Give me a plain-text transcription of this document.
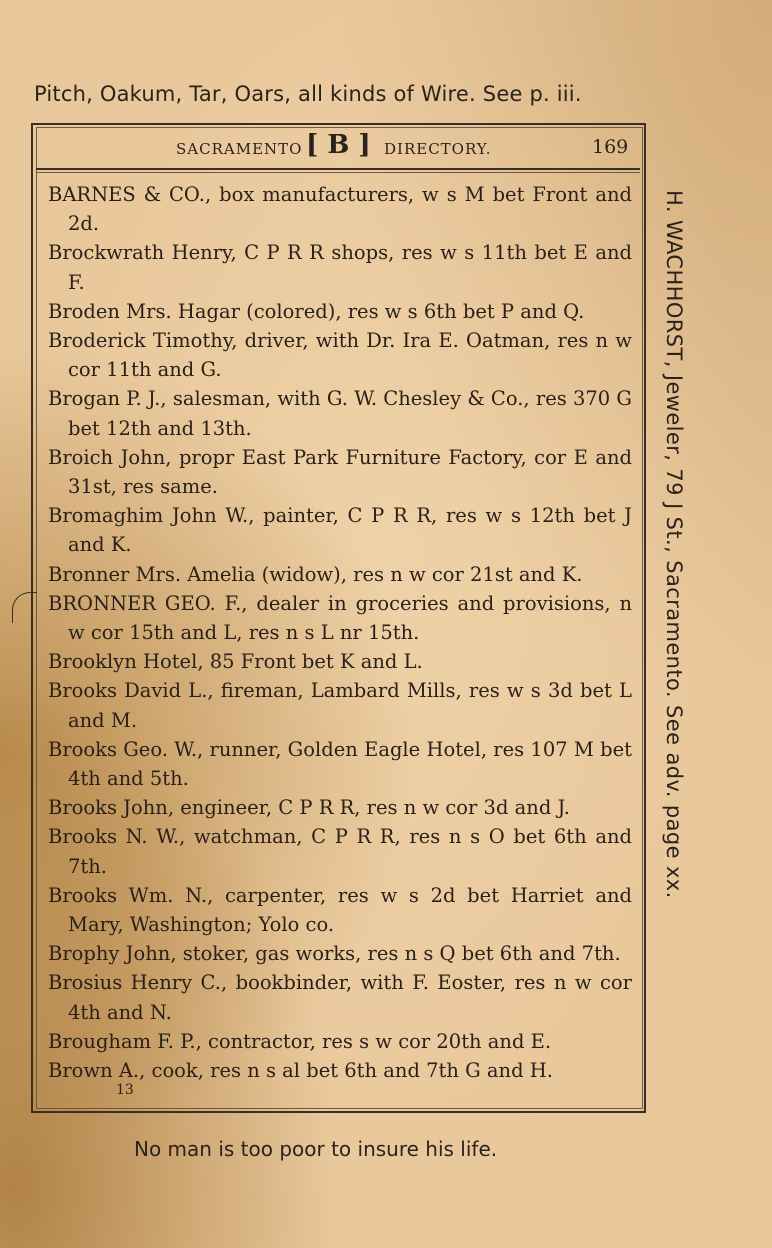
Pitch, Oakum, Tar, Oars, all kinds of Wire. See p. iii.
SACRAMENTO [ B ] DIRECTORY.	169
BARNES & CO., box manufacturers, w s M bet Front and 2d.
Brockwrath Henry, C P R R shops, res w s 11th bet E and F.
Broden Mrs. Hagar (colored), res w s 6th bet P and Q.
Broderick Timothy, driver, with Dr. Ira E. Oatman, res n w cor 11th and G.
Brogan P. J., salesman, with G. W. Chesley & Co., res 370 G bet 12th and 13th.
Broich John, propr East Park Furniture Factory, cor E and 31st, res same.
Bromaghim John W., painter, C P R R, res w s 12th bet J and K.
Bronner Mrs. Amelia (widow), res n w cor 21st and K.
BRONNER GEO. F., dealer in groceries and provisions, n w cor 15th and L, res n s L nr 15th.
Brooklyn Hotel, 85 Front bet K and L.
Brooks David L., fireman, Lambard Mills, res w s 3d bet L and M.
Brooks Geo. W., runner, Golden Eagle Hotel, res 107 M bet 4th and 5th.
Brooks John, engineer, C P R R, res n w cor 3d and J.
Brooks N. W., watchman, C P R R, res n s O bet 6th and 7th.
Brooks Wm. N., carpenter, res w s 2d bet Harriet and Mary, Washington; Yolo co.
Brophy John, stoker, gas works, res n s Q bet 6th and 7th.
Brosius Henry C., bookbinder, with F. Eoster, res n w cor 4th and N.
Brougham F. P., contractor, res s w cor 20th and E.
Brown A., cook, res n s al bet 6th and 7th G and H.
13
H. WACHHORST, Jeweler, 79 J St., Sacramento. See adv. page xx.
No man is too poor to insure his life.
